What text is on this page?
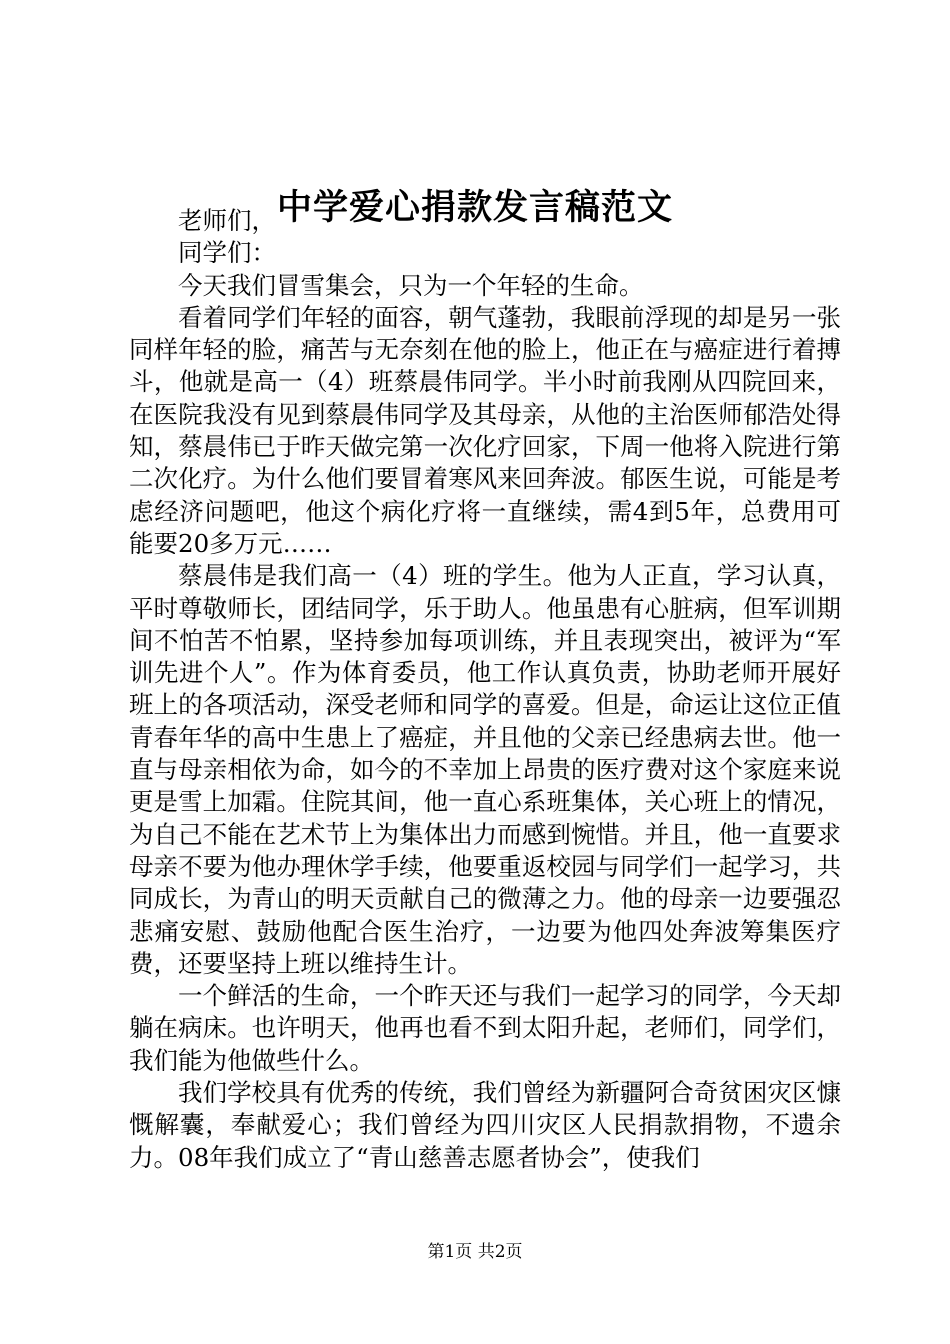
中学爱心捐款发言稿范文

老师们，

同学们：

今天我们冒雪集会，只为一个年轻的生命。

看着同学们年轻的面容，朝气蓬勃，我眼前浮现的却是另一张同样年轻的脸，痛苦与无奈刻在他的脸上，他正在与癌症进行着搏斗，他就是高一（4）班蔡晨伟同学。半小时前我刚从四院回来，在医院我没有见到蔡晨伟同学及其母亲，从他的主治医师郁浩处得知，蔡晨伟已于昨天做完第一次化疗回家，下周一他将入院进行第二次化疗。为什么他们要冒着寒风来回奔波。郁医生说，可能是考虑经济问题吧，他这个病化疗将一直继续，需4到5年，总费用可能要20多万元……

蔡晨伟是我们高一（4）班的学生。他为人正直，学习认真，平时尊敬师长，团结同学，乐于助人。他虽患有心脏病，但军训期间不怕苦不怕累，坚持参加每项训练，并且表现突出，被评为“军训先进个人”。作为体育委员，他工作认真负责，协助老师开展好班上的各项活动，深受老师和同学的喜爱。但是，命运让这位正值青春年华的高中生患上了癌症，并且他的父亲已经患病去世。他一直与母亲相依为命，如今的不幸加上昂贵的医疗费对这个家庭来说更是雪上加霜。住院其间，他一直心系班集体，关心班上的情况，为自己不能在艺术节上为集体出力而感到惋惜。并且，他一直要求母亲不要为他办理休学手续，他要重返校园与同学们一起学习，共同成长，为青山的明天贡献自己的微薄之力。他的母亲一边要强忍悲痛安慰、鼓励他配合医生治疗，一边要为他四处奔波筹集医疗费，还要坚持上班以维持生计。

一个鲜活的生命，一个昨天还与我们一起学习的同学，今天却躺在病床。也许明天，他再也看不到太阳升起，老师们，同学们，我们能为他做些什么。

我们学校具有优秀的传统，我们曾经为新疆阿合奇贫困灾区慷慨解囊，奉献爱心；我们曾经为四川灾区人民捐款捐物，不遗余力。08年我们成立了“青山慈善志愿者协会”，使我们

第1页 共2页
